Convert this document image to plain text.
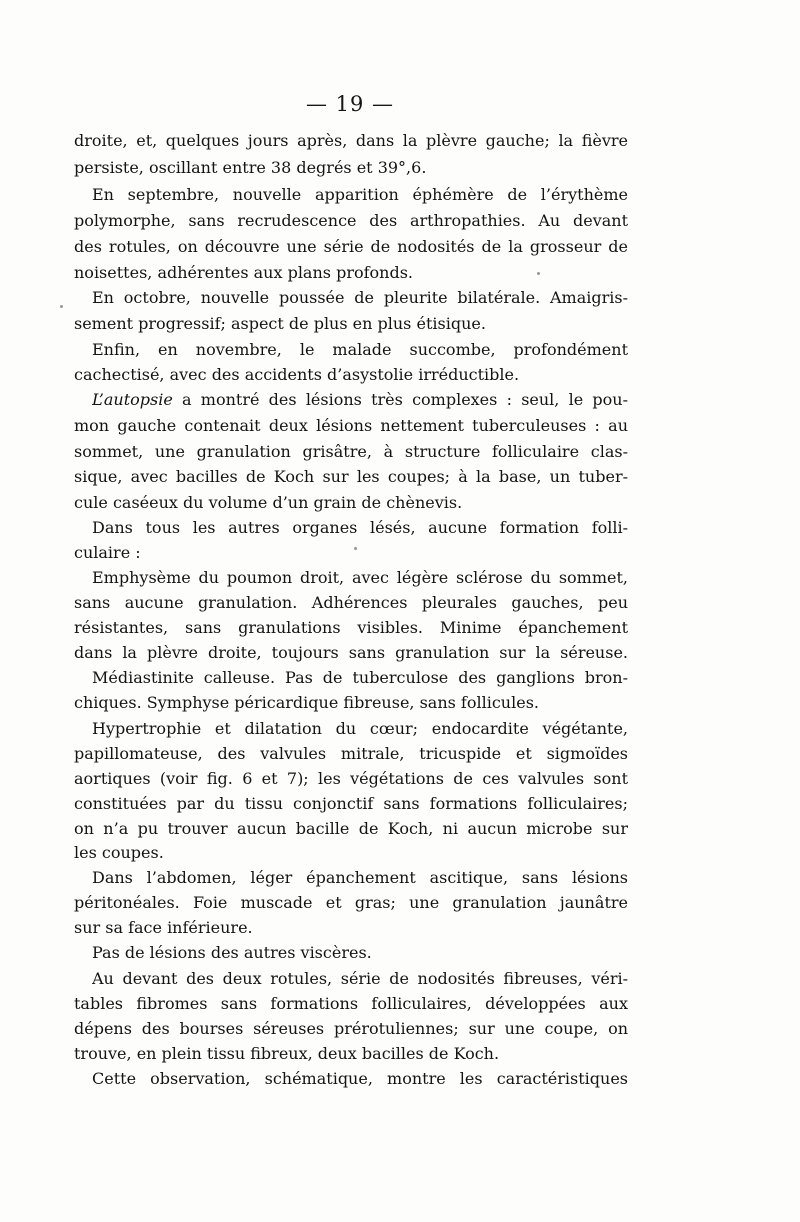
— 19 —
droite, et, quelques jours après, dans la plèvre gauche; la fièvre
persiste, oscillant entre 38 degrés et 39°,6.
En septembre, nouvelle apparition éphémère de l’érythème
polymorphe, sans recrudescence des arthropathies. Au devant
des rotules, on découvre une série de nodosités de la grosseur de
noisettes, adhérentes aux plans profonds.
En octobre, nouvelle poussée de pleurite bilatérale. Amaigris-
sement progressif; aspect de plus en plus étisique.
Enfin, en novembre, le malade succombe, profondément
cachectisé, avec des accidents d’asystolie irréductible.
L’autopsie a montré des lésions très complexes : seul, le pou-
mon gauche contenait deux lésions nettement tuberculeuses : au
sommet, une granulation grisâtre, à structure folliculaire clas-
sique, avec bacilles de Koch sur les coupes; à la base, un tuber-
cule caséeux du volume d’un grain de chènevis.
Dans tous les autres organes lésés, aucune formation folli-
culaire :
Emphysème du poumon droit, avec légère sclérose du sommet,
sans aucune granulation. Adhérences pleurales gauches, peu
résistantes, sans granulations visibles. Minime épanchement
dans la plèvre droite, toujours sans granulation sur la séreuse.
Médiastinite calleuse. Pas de tuberculose des ganglions bron-
chiques. Symphyse péricardique fibreuse, sans follicules.
Hypertrophie et dilatation du cœur; endocardite végétante,
papillomateuse, des valvules mitrale, tricuspide et sigmoïdes
aortiques (voir fig. 6 et 7); les végétations de ces valvules sont
constituées par du tissu conjonctif sans formations folliculaires;
on n’a pu trouver aucun bacille de Koch, ni aucun microbe sur
les coupes.
Dans l’abdomen, léger épanchement ascitique, sans lésions
péritonéales. Foie muscade et gras; une granulation jaunâtre
sur sa face inférieure.
Pas de lésions des autres viscères.
Au devant des deux rotules, série de nodosités fibreuses, véri-
tables fibromes sans formations folliculaires, développées aux
dépens des bourses séreuses prérotuliennes; sur une coupe, on
trouve, en plein tissu fibreux, deux bacilles de Koch.
Cette observation, schématique, montre les caractéristiques
